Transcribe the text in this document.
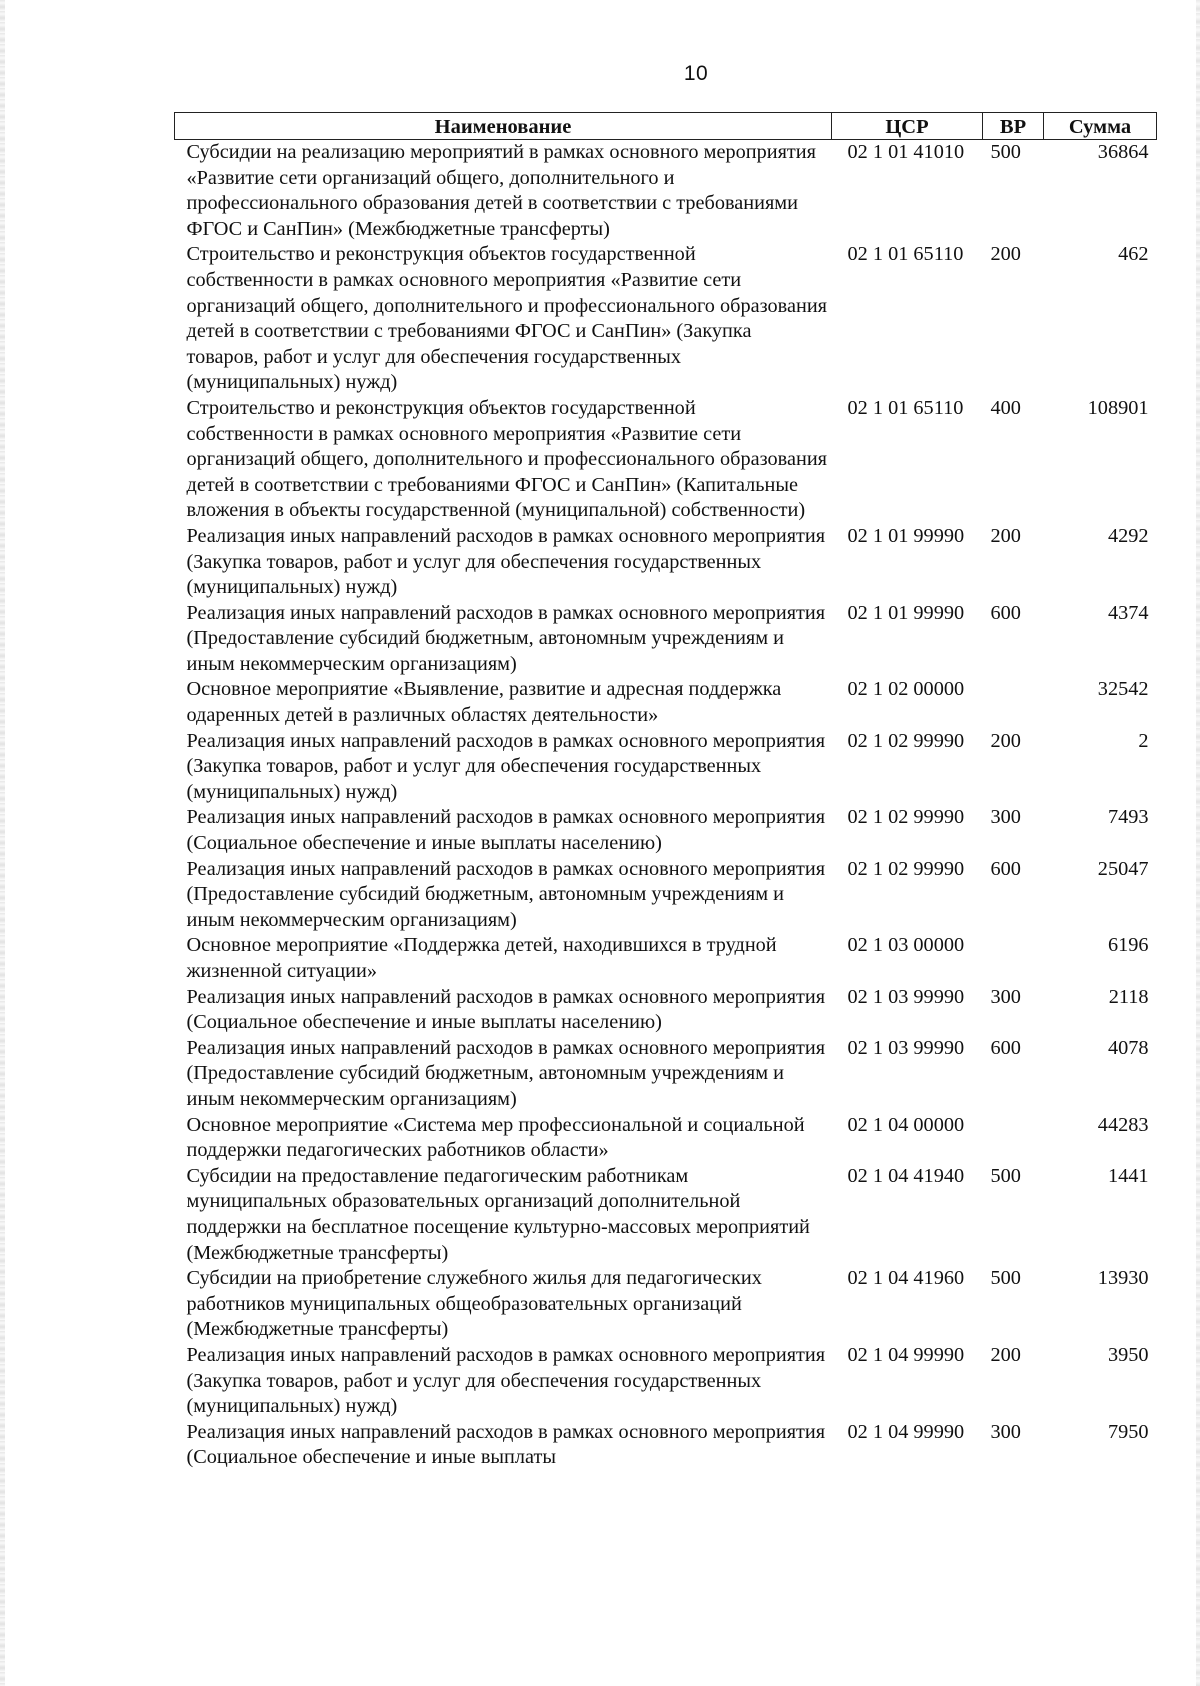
10
Наименование	ЦСР	ВР	Сумма
Субсидии на реализацию мероприятий в рамках основного мероприятия «Развитие сети организаций общего, дополнительного и профессионального образования детей в соответствии с требованиями ФГОС и СанПин» (Межбюджетные трансферты)	02 1 01 41010	500	36864
Строительство и реконструкция объектов государственной собственности в рамках основного мероприятия «Развитие сети организаций общего, дополнительного и профессионального образования детей в соответствии с требованиями ФГОС и СанПин» (Закупка товаров, работ и услуг для обеспечения государственных (муниципальных) нужд)	02 1 01 65110	200	462
Строительство и реконструкция объектов государственной собственности в рамках основного мероприятия «Развитие сети организаций общего, дополнительного и профессионального образования детей в соответствии с требованиями ФГОС и СанПин» (Капитальные вложения в объекты государственной (муниципальной) собственности)	02 1 01 65110	400	108901
Реализация иных направлений расходов в рамках основного мероприятия (Закупка товаров, работ и услуг для обеспечения государственных (муниципальных) нужд)	02 1 01 99990	200	4292
Реализация иных направлений расходов в рамках основного мероприятия (Предоставление субсидий бюджетным, автономным учреждениям и иным некоммерческим организациям)	02 1 01 99990	600	4374
Основное мероприятие «Выявление, развитие и адресная поддержка одаренных детей в различных областях деятельности»	02 1 02 00000		32542
Реализация иных направлений расходов в рамках основного мероприятия (Закупка товаров, работ и услуг для обеспечения государственных (муниципальных) нужд)	02 1 02 99990	200	2
Реализация иных направлений расходов в рамках основного мероприятия (Социальное обеспечение и иные выплаты населению)	02 1 02 99990	300	7493
Реализация иных направлений расходов в рамках основного мероприятия (Предоставление субсидий бюджетным, автономным учреждениям и иным некоммерческим организациям)	02 1 02 99990	600	25047
Основное мероприятие «Поддержка детей, находившихся в трудной жизненной ситуации»	02 1 03 00000		6196
Реализация иных направлений расходов в рамках основного мероприятия (Социальное обеспечение и иные выплаты населению)	02 1 03 99990	300	2118
Реализация иных направлений расходов в рамках основного мероприятия (Предоставление субсидий бюджетным, автономным учреждениям и иным некоммерческим организациям)	02 1 03 99990	600	4078
Основное мероприятие «Система мер профессиональной и социальной поддержки педагогических работников области»	02 1 04 00000		44283
Субсидии на предоставление педагогическим работникам муниципальных образовательных организаций дополнительной поддержки на бесплатное посещение культурно-массовых мероприятий (Межбюджетные трансферты)	02 1 04 41940	500	1441
Субсидии на приобретение служебного жилья для педагогических работников муниципальных общеобразовательных организаций (Межбюджетные трансферты)	02 1 04 41960	500	13930
Реализация иных направлений расходов в рамках основного мероприятия (Закупка товаров, работ и услуг для обеспечения государственных (муниципальных) нужд)	02 1 04 99990	200	3950
Реализация иных направлений расходов в рамках основного мероприятия (Социальное обеспечение и иные выплаты	02 1 04 99990	300	7950
